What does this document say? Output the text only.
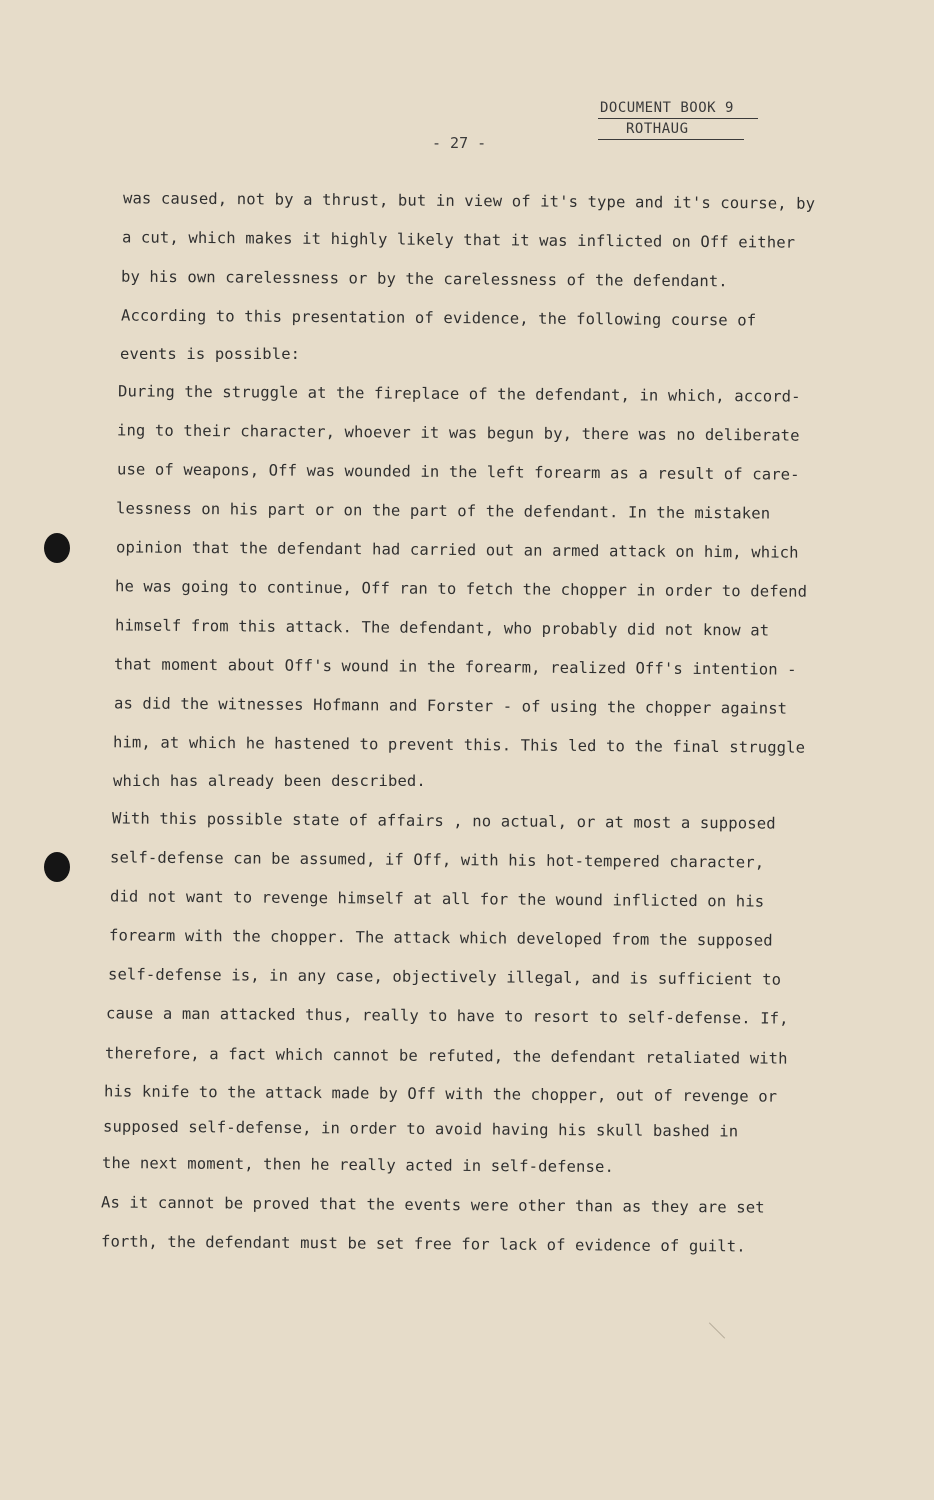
DOCUMENT BOOK 9
ROTHAUG
- 27 -
was caused, not by a thrust, but in view of it's type and it's course, by
a cut, which makes it highly likely that it was inflicted on Off either
by his own carelessness or by the carelessness of the defendant.
According to this presentation of evidence, the following course of
events is possible:
During the struggle at the fireplace of the defendant, in which, accord-
ing to their character, whoever it was begun by, there was no deliberate
use of weapons, Off was wounded in the left forearm as a result of care-
lessness on his part or on the part of the defendant. In the mistaken
opinion that the defendant had carried out an armed attack on him, which
he was going to continue, Off ran to fetch the chopper in order to defend
himself from this attack. The defendant, who probably did not know at
that moment about Off's wound in the forearm, realized Off's intention -
as did the witnesses Hofmann and Forster - of using the chopper against
him, at which he hastened to prevent this. This led to the final struggle
which has already been described.
With this possible state of affairs , no actual, or at most a supposed
self-defense can be assumed, if Off, with his hot-tempered character,
did not want to revenge himself at all for the wound inflicted on his
forearm with the chopper. The attack which developed from the supposed
self-defense is, in any case, objectively illegal, and is sufficient to
cause a man attacked thus, really to have to resort to self-defense. If,
therefore, a fact which cannot be refuted, the defendant retaliated with
his knife to the attack made by Off with the chopper, out of revenge or
supposed self-defense, in order to avoid having his skull bashed in
the next moment, then he really acted in self-defense.
As it cannot be proved that the events were other than as they are set
forth, the defendant must be set free for lack of evidence of guilt.
